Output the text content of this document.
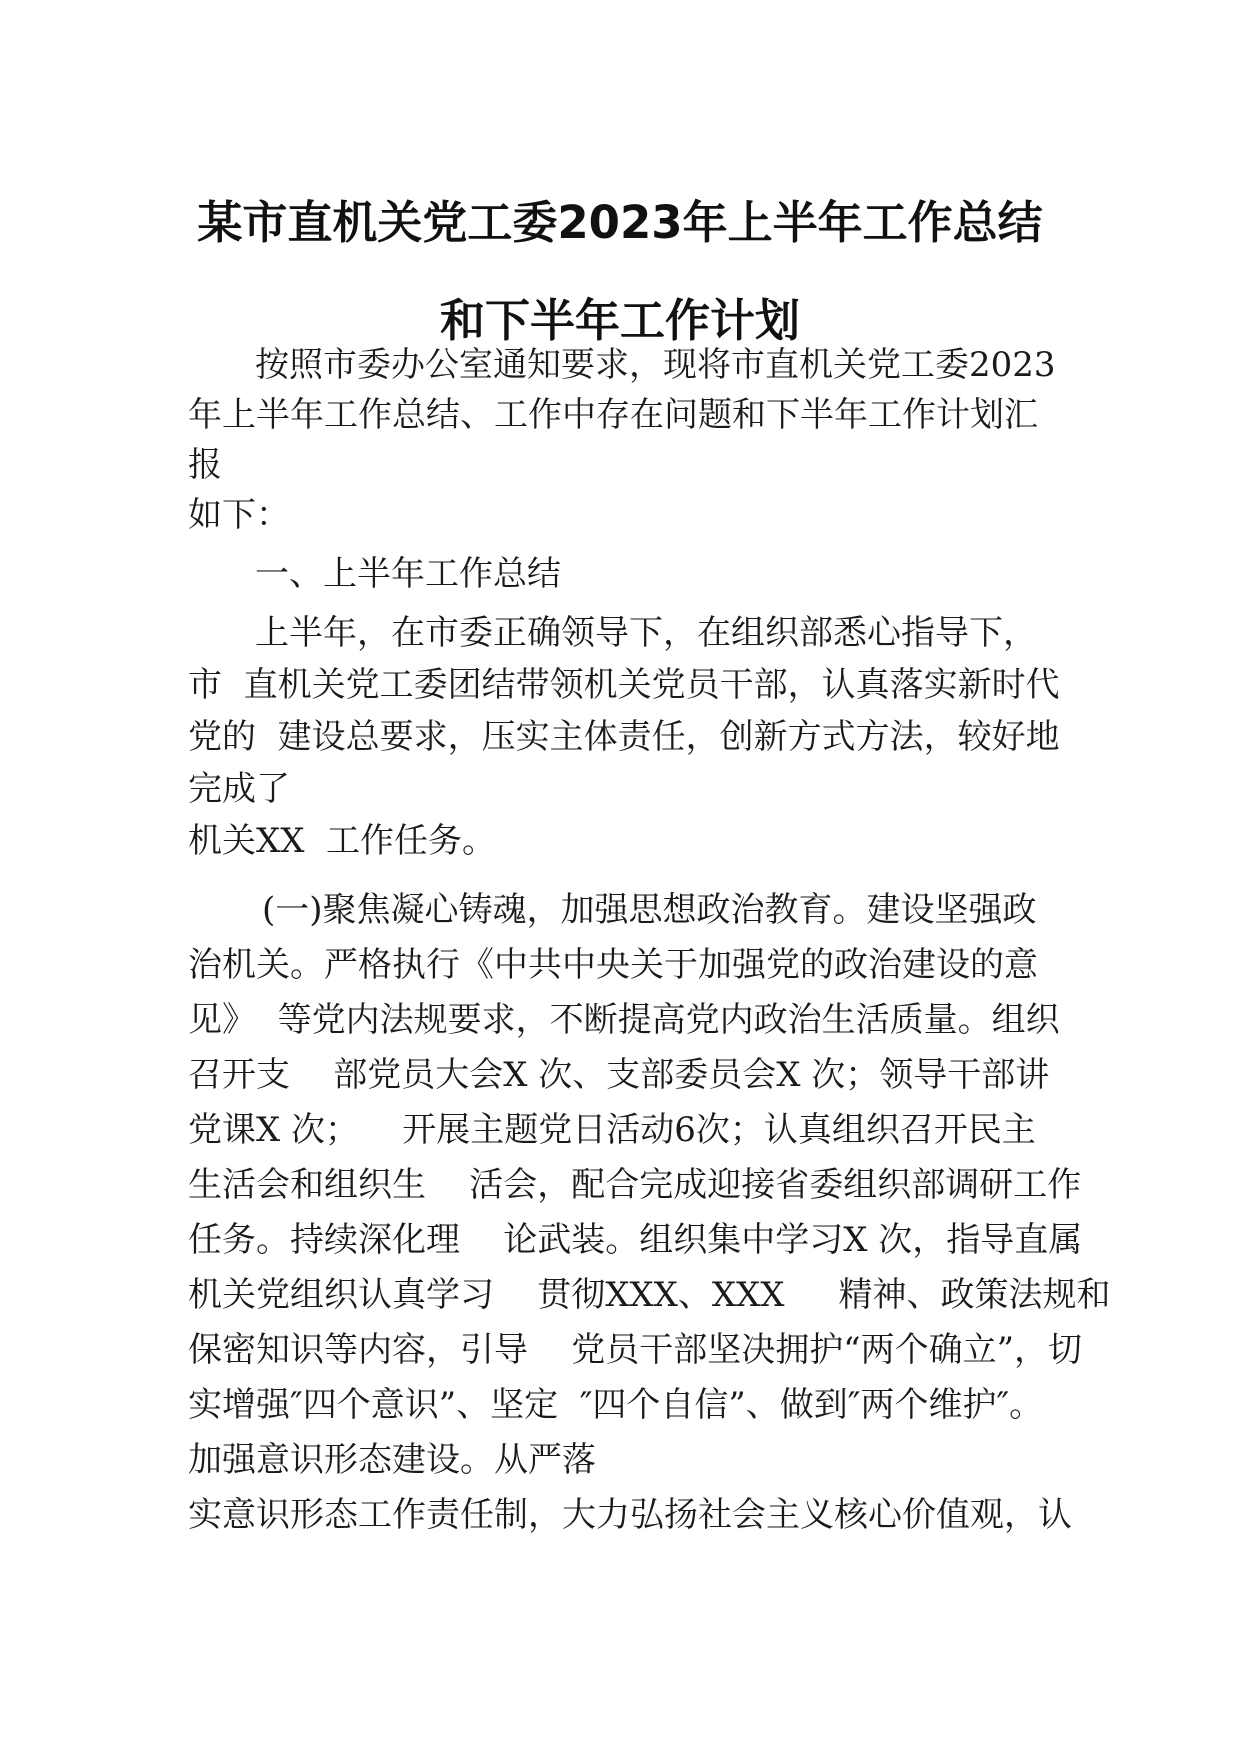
某市直机关党工委2023年上半年工作总结
和下半年工作计划
按照市委办公室通知要求，现将市直机关党工委2023
年上半年工作总结、工作中存在问题和下半年工作计划汇
报
如下：
一、上半年工作总结
上半年，在市委正确领导下，在组织部悉心指导下，
市  直机关党工委团结带领机关党员干部，认真落实新时代
党的  建设总要求，压实主体责任，创新方式方法，较好地
完成了
机关XX  工作任务。
(一)聚焦凝心铸魂，加强思想政治教育。建设坚强政
治机关。严格执行《中共中央关于加强党的政治建设的意
见》  等党内法规要求，不断提高党内政治生活质量。组织
召开支    部党员大会X 次、支部委员会X 次；领导干部讲
党课X 次；    开展主题党日活动6次；认真组织召开民主
生活会和组织生    活会，配合完成迎接省委组织部调研工作
任务。持续深化理    论武装。组织集中学习X 次，指导直属
机关党组织认真学习    贯彻XXX、XXX     精神、政策法规和
保密知识等内容，引导    党员干部坚决拥护“两个确立”，切
实增强″四个意识”、坚定  ″四个自信”、做到″两个维护″。
加强意识形态建设。从严落
实意识形态工作责任制，大力弘扬社会主义核心价值观，认
